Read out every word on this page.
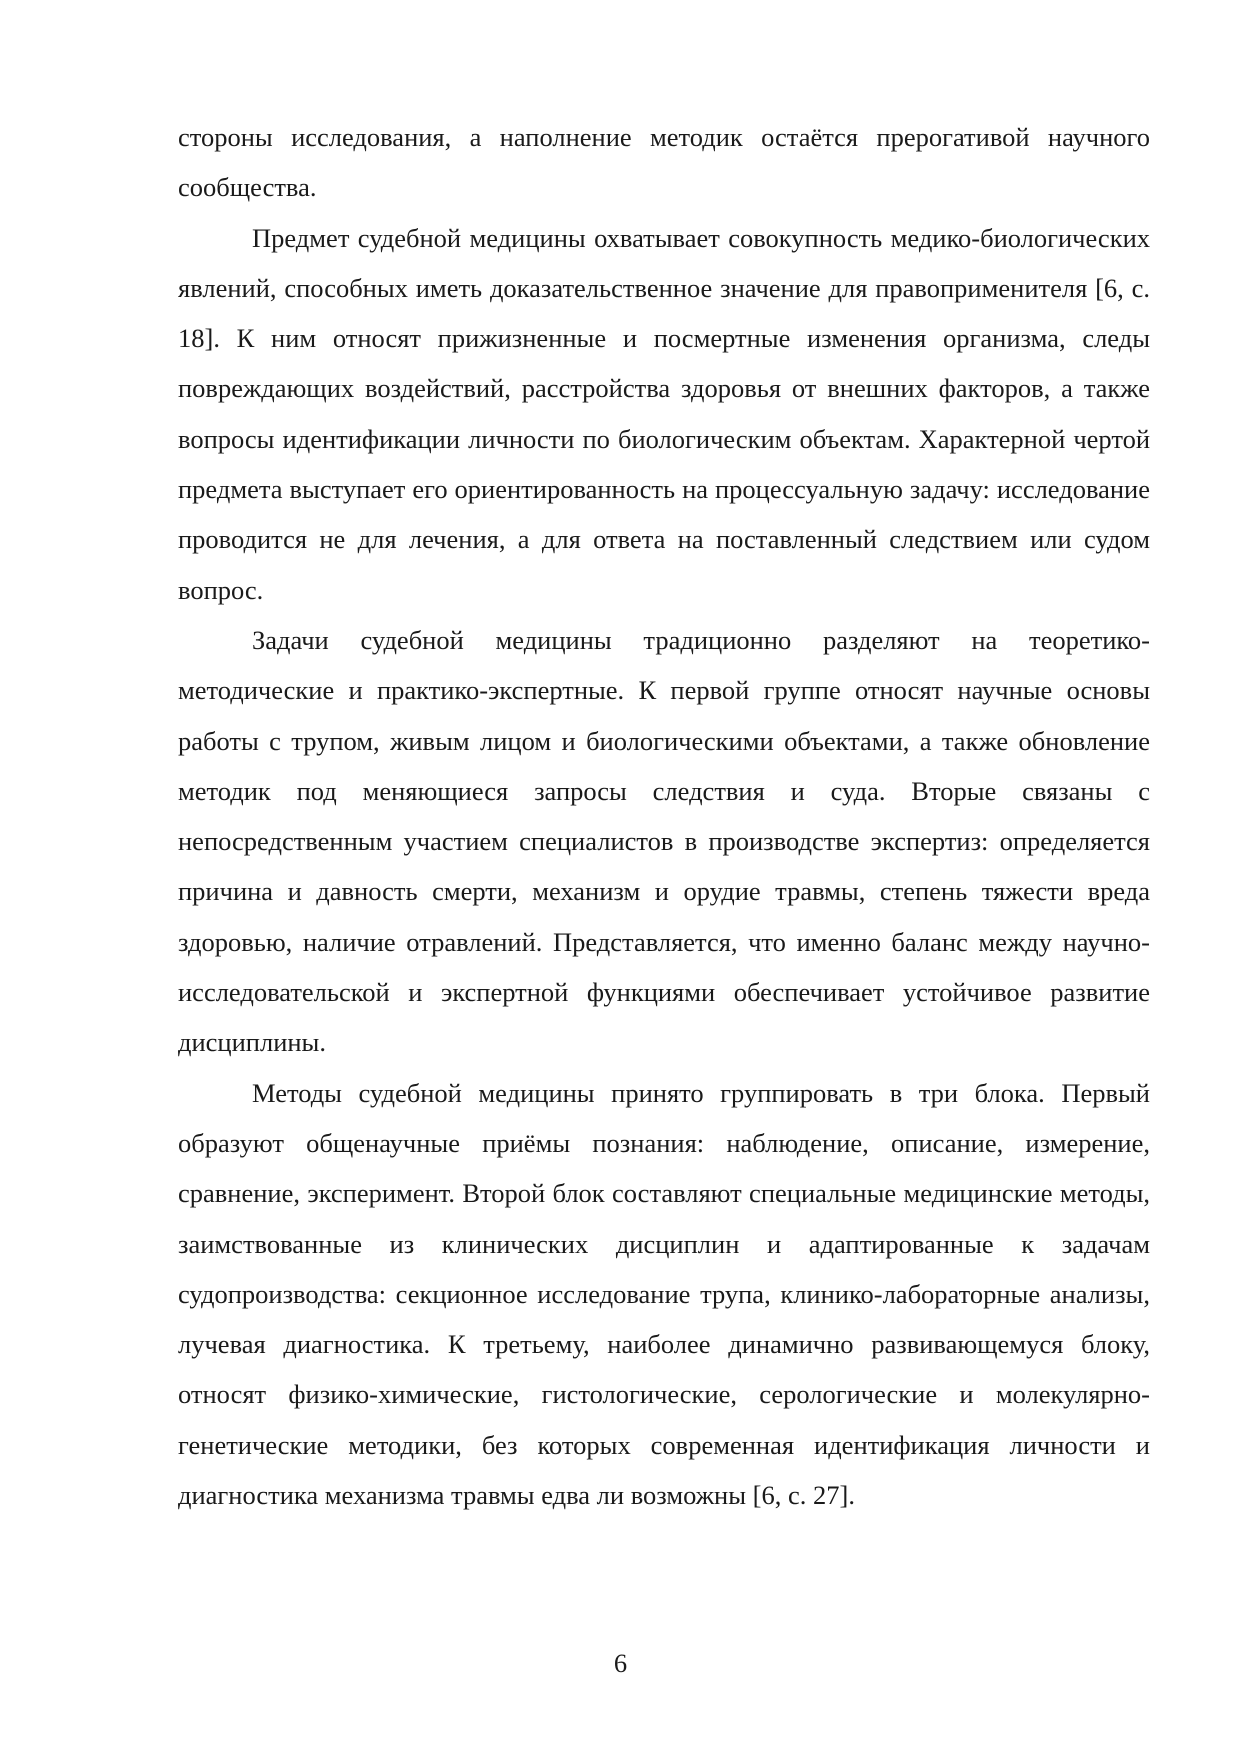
стороны исследования, а наполнение методик остаётся прерогативой научного сообщества.

Предмет судебной медицины охватывает совокупность медико-биологических явлений, способных иметь доказательственное значение для правоприменителя [6, с. 18]. К ним относят прижизненные и посмертные изменения организма, следы повреждающих воздействий, расстройства здоровья от внешних факторов, а также вопросы идентификации личности по биологическим объектам. Характерной чертой предмета выступает его ориентированность на процессуальную задачу: исследование проводится не для лечения, а для ответа на поставленный следствием или судом вопрос.

Задачи судебной медицины традиционно разделяют на теоретико-методические и практико-экспертные. К первой группе относят научные основы работы с трупом, живым лицом и биологическими объектами, а также обновление методик под меняющиеся запросы следствия и суда. Вторые связаны с непосредственным участием специалистов в производстве экспертиз: определяется причина и давность смерти, механизм и орудие травмы, степень тяжести вреда здоровью, наличие отравлений. Представляется, что именно баланс между научно-исследовательской и экспертной функциями обеспечивает устойчивое развитие дисциплины.

Методы судебной медицины принято группировать в три блока. Первый образуют общенаучные приёмы познания: наблюдение, описание, измерение, сравнение, эксперимент. Второй блок составляют специальные медицинские методы, заимствованные из клинических дисциплин и адаптированные к задачам судопроизводства: секционное исследование трупа, клинико-лабораторные анализы, лучевая диагностика. К третьему, наиболее динамично развивающемуся блоку, относят физико-химические, гистологические, серологические и молекулярно-генетические методики, без которых современная идентификация личности и диагностика механизма травмы едва ли возможны [6, с. 27].

6
